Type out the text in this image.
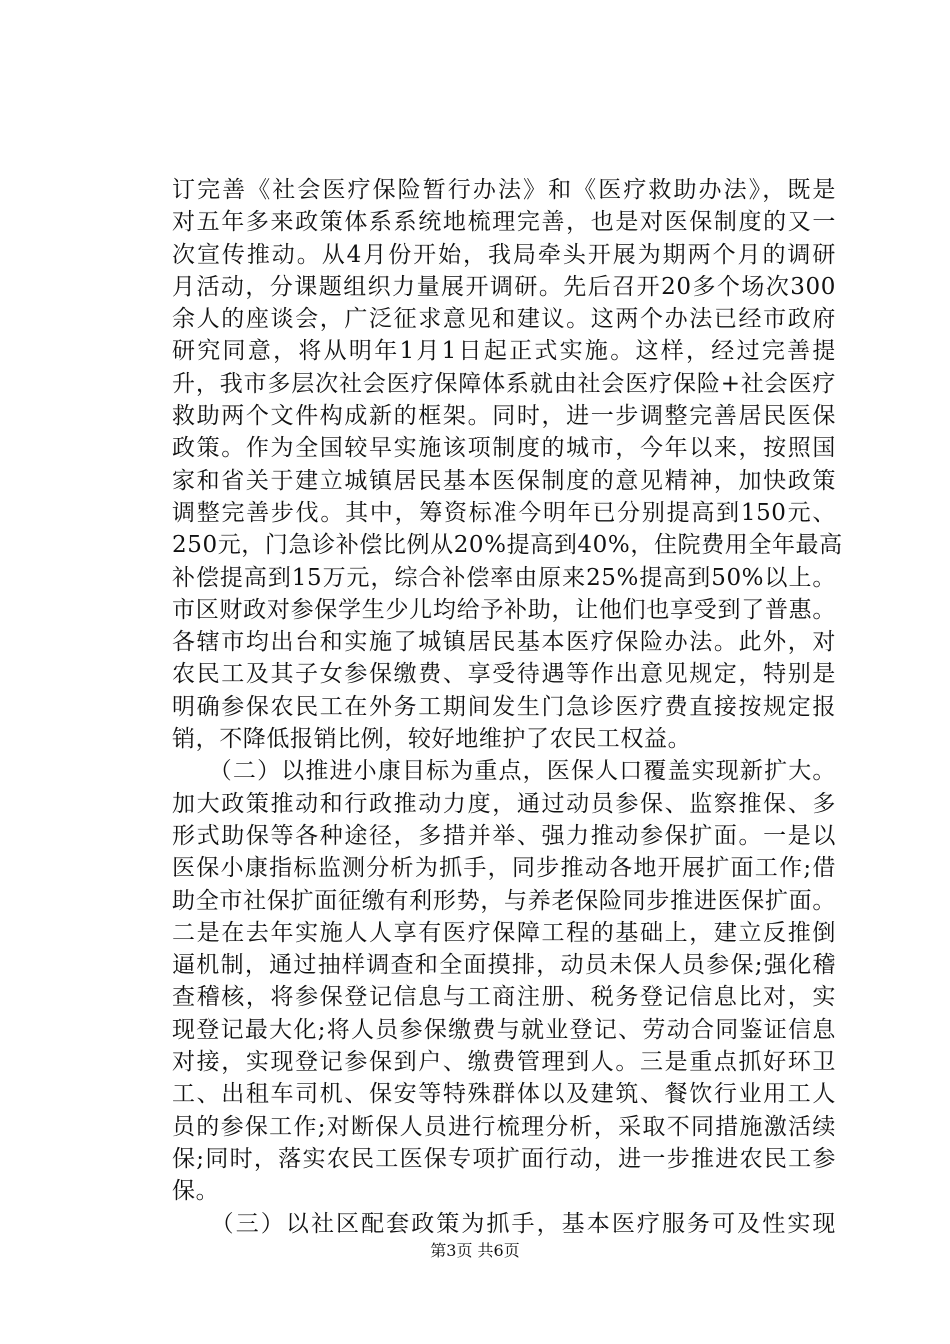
订完善《社会医疗保险暂行办法》和《医疗救助办法》，既是
对五年多来政策体系系统地梳理完善，也是对医保制度的又一
次宣传推动。从4月份开始，我局牵头开展为期两个月的调研
月活动，分课题组织力量展开调研。先后召开20多个场次300
余人的座谈会，广泛征求意见和建议。这两个办法已经市政府
研究同意，将从明年1月1日起正式实施。这样，经过完善提
升，我市多层次社会医疗保障体系就由社会医疗保险+社会医疗
救助两个文件构成新的框架。同时，进一步调整完善居民医保
政策。作为全国较早实施该项制度的城市，今年以来，按照国
家和省关于建立城镇居民基本医保制度的意见精神，加快政策
调整完善步伐。其中，筹资标准今明年已分别提高到150元、
250元，门急诊补偿比例从20%提高到40%，住院费用全年最高
补偿提高到15万元，综合补偿率由原来25%提高到50%以上。
市区财政对参保学生少儿均给予补助，让他们也享受到了普惠。
各辖市均出台和实施了城镇居民基本医疗保险办法。此外，对
农民工及其子女参保缴费、享受待遇等作出意见规定，特别是
明确参保农民工在外务工期间发生门急诊医疗费直接按规定报
销，不降低报销比例，较好地维护了农民工权益。
　　（二）以推进小康目标为重点，医保人口覆盖实现新扩大。
加大政策推动和行政推动力度，通过动员参保、监察推保、多
形式助保等各种途径，多措并举、强力推动参保扩面。一是以
医保小康指标监测分析为抓手，同步推动各地开展扩面工作;借
助全市社保扩面征缴有利形势，与养老保险同步推进医保扩面。
二是在去年实施人人享有医疗保障工程的基础上，建立反推倒
逼机制，通过抽样调查和全面摸排，动员未保人员参保;强化稽
查稽核，将参保登记信息与工商注册、税务登记信息比对，实
现登记最大化;将人员参保缴费与就业登记、劳动合同鉴证信息
对接，实现登记参保到户、缴费管理到人。三是重点抓好环卫
工、出租车司机、保安等特殊群体以及建筑、餐饮行业用工人
员的参保工作;对断保人员进行梳理分析，采取不同措施激活续
保;同时，落实农民工医保专项扩面行动，进一步推进农民工参
保。
　　（三）以社区配套政策为抓手，基本医疗服务可及性实现
第3页 共6页
